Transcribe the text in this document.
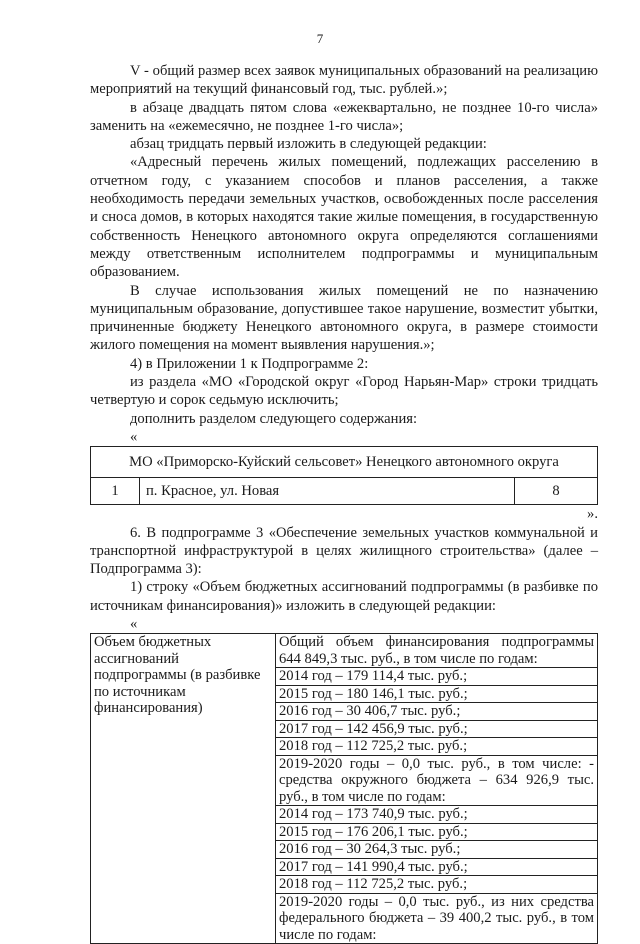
7

V - общий размер всех заявок муниципальных образований на реализацию мероприятий на текущий финансовый год, тыс. рублей.»;

в абзаце двадцать пятом слова «ежеквартально, не позднее 10-го числа» заменить на «ежемесячно, не позднее 1-го числа»;

абзац тридцать первый изложить в следующей редакции:

«Адресный перечень жилых помещений, подлежащих расселению в отчетном году, с указанием способов и планов расселения, а также необходимость передачи земельных участков, освобожденных после расселения и сноса домов, в которых находятся такие жилые помещения, в государственную собственность Ненецкого автономного округа определяются соглашениями между ответственным исполнителем подпрограммы и муниципальным образованием.

В случае использования жилых помещений не по назначению муниципальным образование, допустившее такое нарушение, возместит убытки, причиненные бюджету Ненецкого автономного округа, в размере стоимости жилого помещения на момент выявления нарушения.»;

4) в Приложении 1 к Подпрограмме 2:

из раздела «МО «Городской округ «Город Нарьян-Мар» строки тридцать четвертую и сорок седьмую исключить;

дополнить разделом следующего содержания:

«

МО «Приморско-Куйский сельсовет» Ненецкого автономного округа
1	п. Красное, ул. Новая	8

».

6. В подпрограмме 3 «Обеспечение земельных участков коммунальной и транспортной инфраструктурой в целях жилищного строительства» (далее – Подпрограмма 3):

1) строку «Объем бюджетных ассигнований подпрограммы (в разбивке по источникам финансирования)» изложить в следующей редакции:

«

Объем бюджетных ассигнований подпрограммы (в разбивке по источникам финансирования)	
Общий объем финансирования подпрограммы 644 849,3 тыс. руб., в том числе по годам:
2014 год – 179 114,4 тыс. руб.;
2015 год – 180 146,1 тыс. руб.;
2016 год – 30 406,7 тыс. руб.;
2017 год – 142 456,9 тыс. руб.;
2018 год – 112 725,2 тыс. руб.;
2019-2020 годы – 0,0 тыс. руб., в том числе: - средства окружного бюджета – 634 926,9 тыс. руб., в том числе по годам:
2014 год – 173 740,9 тыс. руб.;
2015 год – 176 206,1 тыс. руб.;
2016 год – 30 264,3 тыс. руб.;
2017 год – 141 990,4 тыс. руб.;
2018 год – 112 725,2 тыс. руб.;
2019-2020 годы – 0,0 тыс. руб., из них средства федерального бюджета – 39 400,2 тыс. руб., в том числе по годам:
